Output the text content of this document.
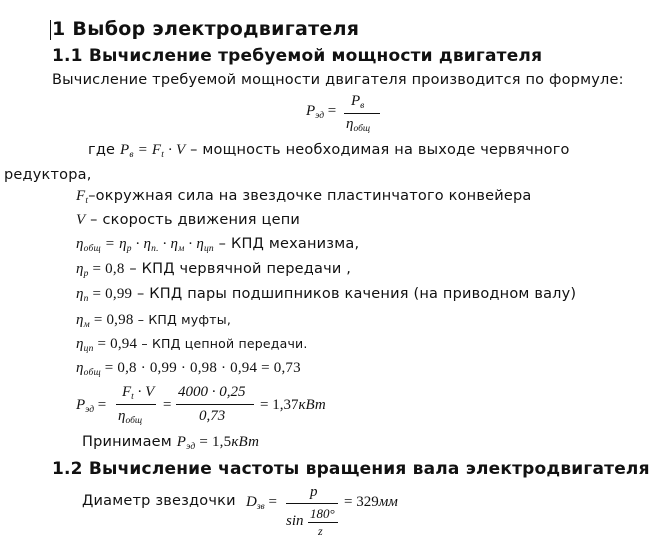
1 Выбор электродвигателя
1.1 Вычисление требуемой мощности двигателя
Вычисление требуемой мощности двигателя производится по формуле:
$P_{эд}$ =
$P_в$
$\eta_{общ}$
где $P_в = F_t \cdot V$ – мощность необходимая на выходе червячного
редуктора,
$F_t$–окружная сила на звездочке пластинчатого конвейера
V – скорость движения цепи
$\eta_{общ} = \eta_р \cdot \eta_{п.} \cdot \eta_м \cdot \eta_{цп}$ – КПД механизма,
$\eta_р = 0,8$ – КПД червячной передачи ,
$\eta_п = 0,99$ – КПД пары подшипников качения (на приводном валу)
$\eta_м = 0,98$ – КПД муфты,
$\eta_{цп} = 0,94$ – КПД цепной передачи.
$\eta_{общ} = 0,8 \cdot 0,99 \cdot 0,98 \cdot 0,94 = 0,73$
$P_{эд}$ =
$F_t \cdot V$
$\eta_{общ}$
=
4000 · 0,25
0,73
= 1,37кВт
Принимаем $P_{эд} = 1,5кВт$
1.2 Вычисление частоты вращения вала электродвигателя
Диаметр звездочки $D_{зв}$ =
p
sin 180°
z
= 329мм
